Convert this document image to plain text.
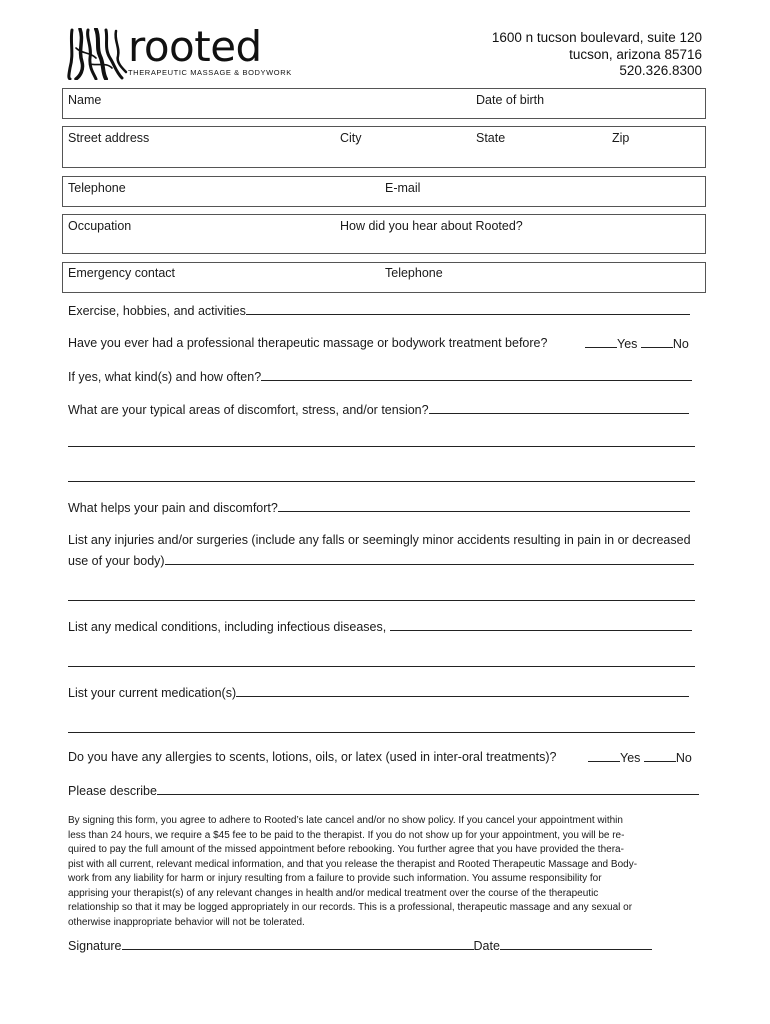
rooted
THERAPEUTIC MASSAGE & BODYWORK
1600 n tucson boulevard, suite 120
tucson, arizona 85716
520.326.8300
Name	Date of birth
Street address	City	State	Zip
Telephone	E-mail
Occupation	How did you hear about Rooted?
Emergency contact	Telephone
Exercise, hobbies, and activities
Have you ever had a professional therapeutic massage or bodywork treatment before?	Yes	No
If yes, what kind(s) and how often?
What are your typical areas of discomfort, stress, and/or tension?
What helps your pain and discomfort?
List any injuries and/or surgeries (include any falls or seemingly minor accidents resulting in pain in or decreased
use of your body)
List any medical conditions, including infectious diseases,
List your current medication(s)
Do you have any allergies to scents, lotions, oils, or latex (used in inter-oral treatments)?	Yes	No
Please describe
By signing this form, you agree to adhere to Rooted’s late cancel and/or no show policy. If you cancel your appointment within
less than 24 hours, we require a $45 fee to be paid to the therapist. If you do not show up for your appointment, you will be re-
quired to pay the full amount of the missed appointment before rebooking. You further agree that you have provided the thera-
pist with all current, relevant medical information, and that you release the therapist and Rooted Therapeutic Massage and Body-
work from any liability for harm or injury resulting from a failure to provide such information. You assume responsibility for
apprising your therapist(s) of any relevant changes in health and/or medical treatment over the course of the therapeutic
relationship so that it may be logged appropriately in our records. This is a professional, therapeutic massage and any sexual or
otherwise inappropriate behavior will not be tolerated.
Signature	Date
